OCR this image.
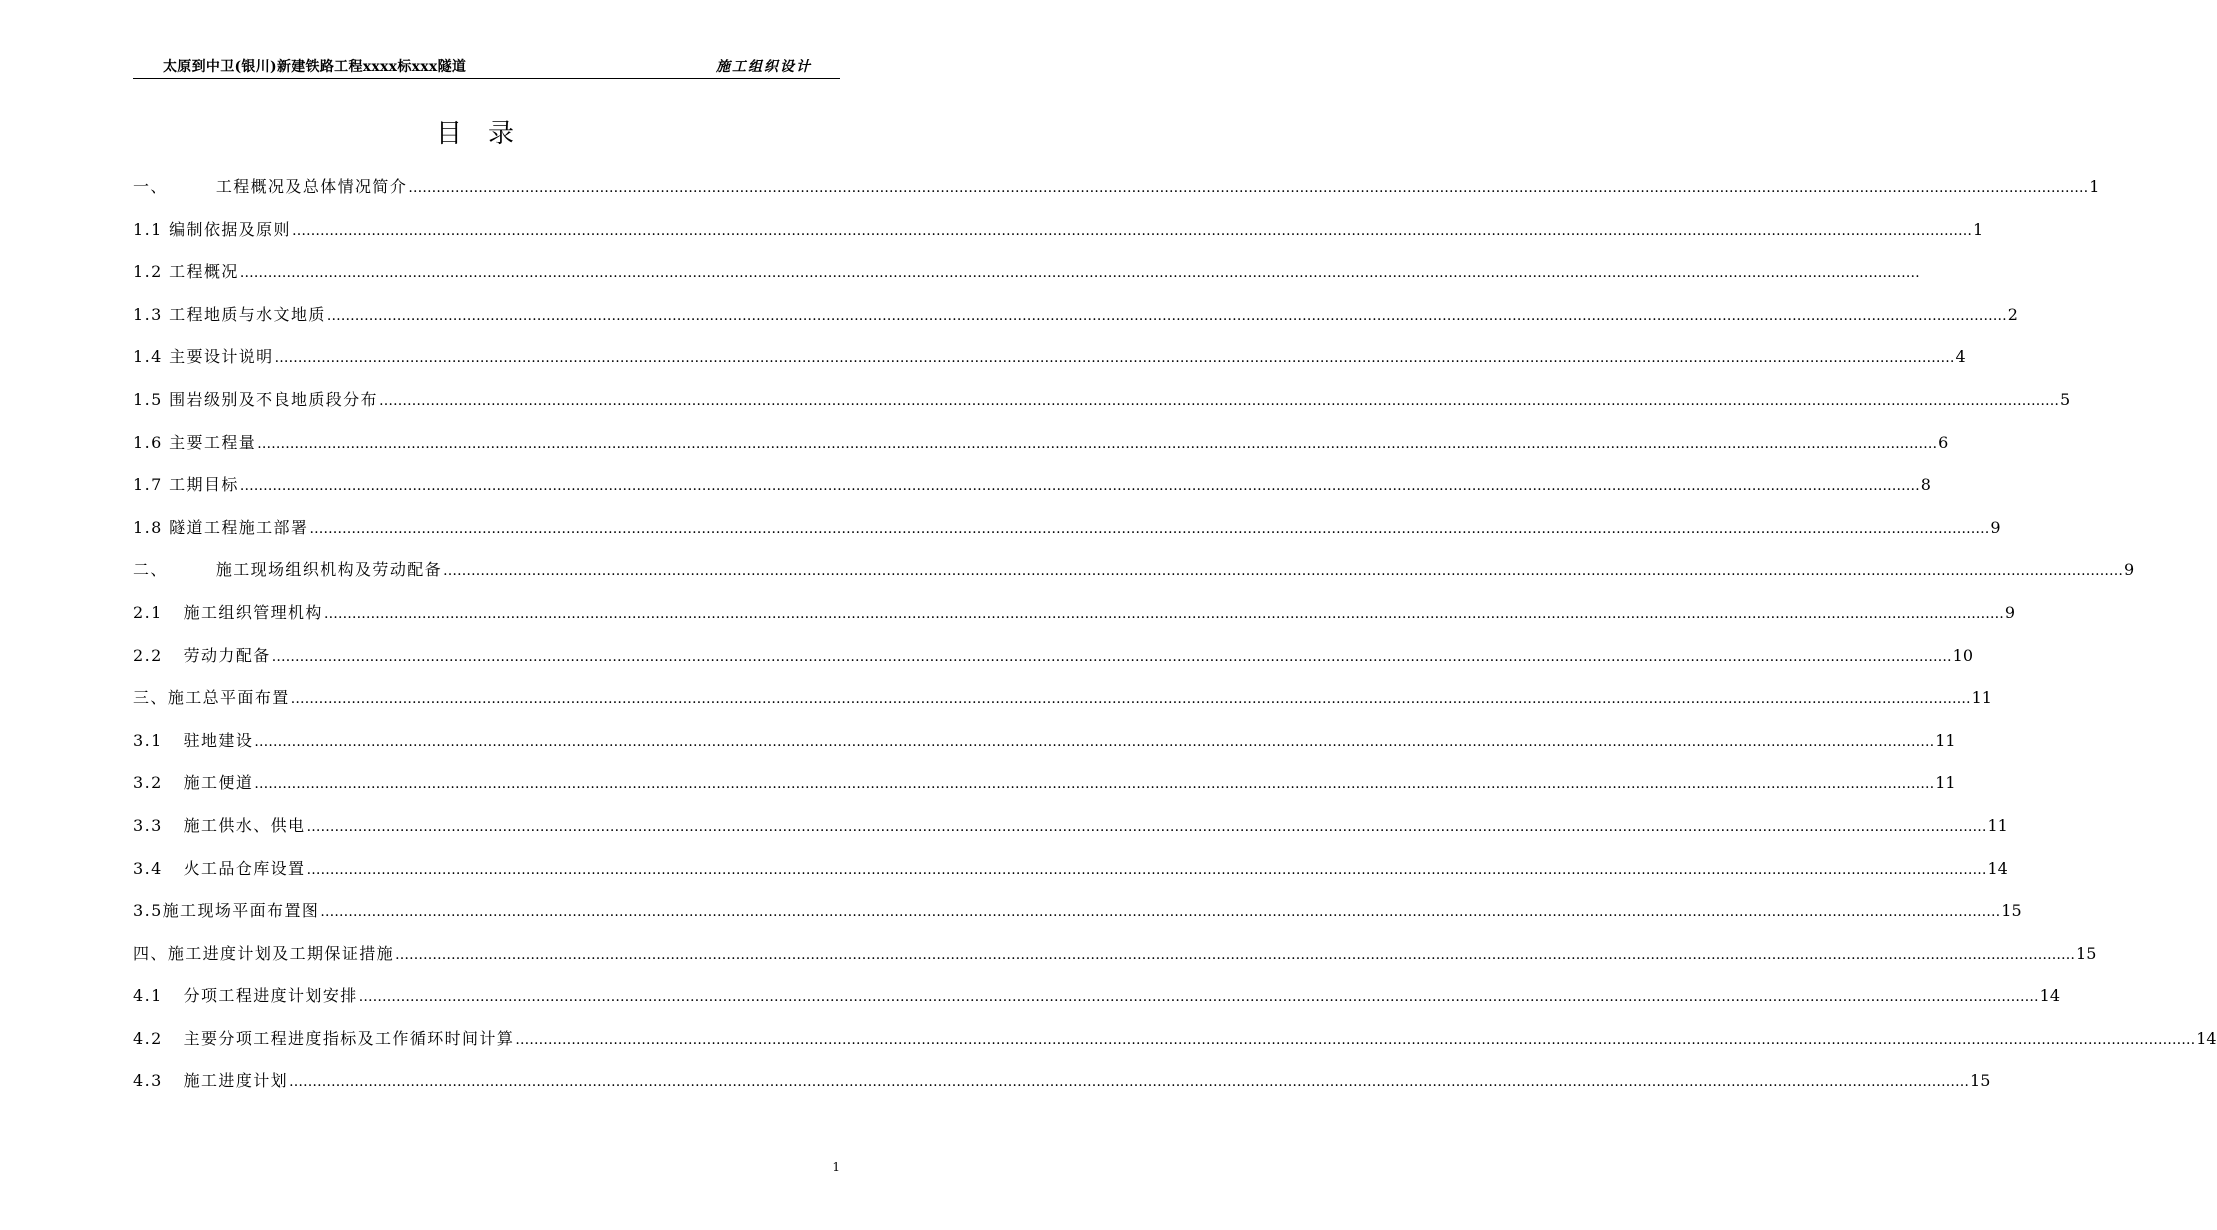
太原到中卫(银川)新建铁路工程xxxx标xxx隧道	施工组织设计
目录
一、	工程概况及总体情况简介 ……………………………………………………………………………………………………………………………………………………………………………………………………………………………………………………………………………………………………………………………… 1
1.1 编制依据及原则 ……………………………………………………………………………………………………………………………………………………………………………………………………………………………………………………………………………………………………………………………… 1
1.2 工程概况 ………………………………………………………………………………………………………………………………………………………………………………………………………………………………………………………………………………………………………………………………
1.3 工程地质与水文地质 ……………………………………………………………………………………………………………………………………………………………………………………………………………………………………………………………………………………………………………………………… 2
1.4 主要设计说明 ……………………………………………………………………………………………………………………………………………………………………………………………………………………………………………………………………………………………………………………………… 4
1.5 围岩级别及不良地质段分布 ……………………………………………………………………………………………………………………………………………………………………………………………………………………………………………………………………………………………………………………………… 5
1.6 主要工程量 ……………………………………………………………………………………………………………………………………………………………………………………………………………………………………………………………………………………………………………………………… 6
1.7 工期目标 ……………………………………………………………………………………………………………………………………………………………………………………………………………………………………………………………………………………………………………………………… 8
1.8 隧道工程施工部署 ……………………………………………………………………………………………………………………………………………………………………………………………………………………………………………………………………………………………………………………………… 9
二、	施工现场组织机构及劳动配备 ……………………………………………………………………………………………………………………………………………………………………………………………………………………………………………………………………………………………………………………………… 9
2.1 施工组织管理机构 ……………………………………………………………………………………………………………………………………………………………………………………………………………………………………………………………………………………………………………………………… 9
2.2 劳动力配备 ……………………………………………………………………………………………………………………………………………………………………………………………………………………………………………………………………………………………………………………………… 10
三、 施工总平面布置 ……………………………………………………………………………………………………………………………………………………………………………………………………………………………………………………………………………………………………………………………… 11
3.1 驻地建设 ……………………………………………………………………………………………………………………………………………………………………………………………………………………………………………………………………………………………………………………………… 11
3.2 施工便道 ……………………………………………………………………………………………………………………………………………………………………………………………………………………………………………………………………………………………………………………………… 11
3.3 施工供水、供电 ……………………………………………………………………………………………………………………………………………………………………………………………………………………………………………………………………………………………………………………………… 11
3.4 火工品仓库设置 ……………………………………………………………………………………………………………………………………………………………………………………………………………………………………………………………………………………………………………………………… 14
3.5 施工现场平面布置图 ……………………………………………………………………………………………………………………………………………………………………………………………………………………………………………………………………………………………………………………………… 15
四、 施工进度计划及工期保证措施 ……………………………………………………………………………………………………………………………………………………………………………………………………………………………………………………………………………………………………………………………… 15
4.1 分项工程进度计划安排 ……………………………………………………………………………………………………………………………………………………………………………………………………………………………………………………………………………………………………………………………… 14
4.2 主要分项工程进度指标及工作循环时间计算 ……………………………………………………………………………………………………………………………………………………………………………………………………………………………………………………………………………………………………………………………… 14
4.3 施工进度计划 ……………………………………………………………………………………………………………………………………………………………………………………………………………………………………………………………………………………………………………………………… 15
1
